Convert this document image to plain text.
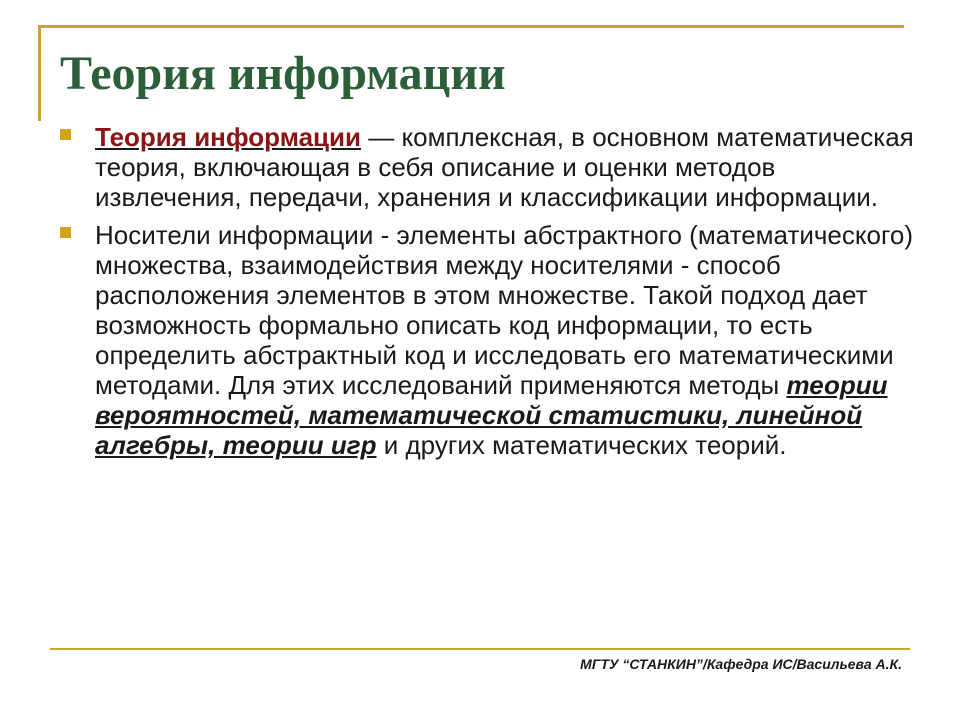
Теория информации
Теория информации — комплексная, в основном математическая теория, включающая в себя описание и оценки методов извлечения, передачи, хранения и классификации информации.
Носители информации - элементы абстрактного (математического) множества, взаимодействия между носителями - способ расположения элементов в этом множестве. Такой подход дает возможность формально описать код информации, то есть определить абстрактный код и исследовать его математическими методами. Для этих исследований применяются методы теории вероятностей, математической статистики, линейной алгебры, теории игр и других математических теорий.
МГТУ “СТАНКИН”/Кафедра ИС/Васильева А.К.
